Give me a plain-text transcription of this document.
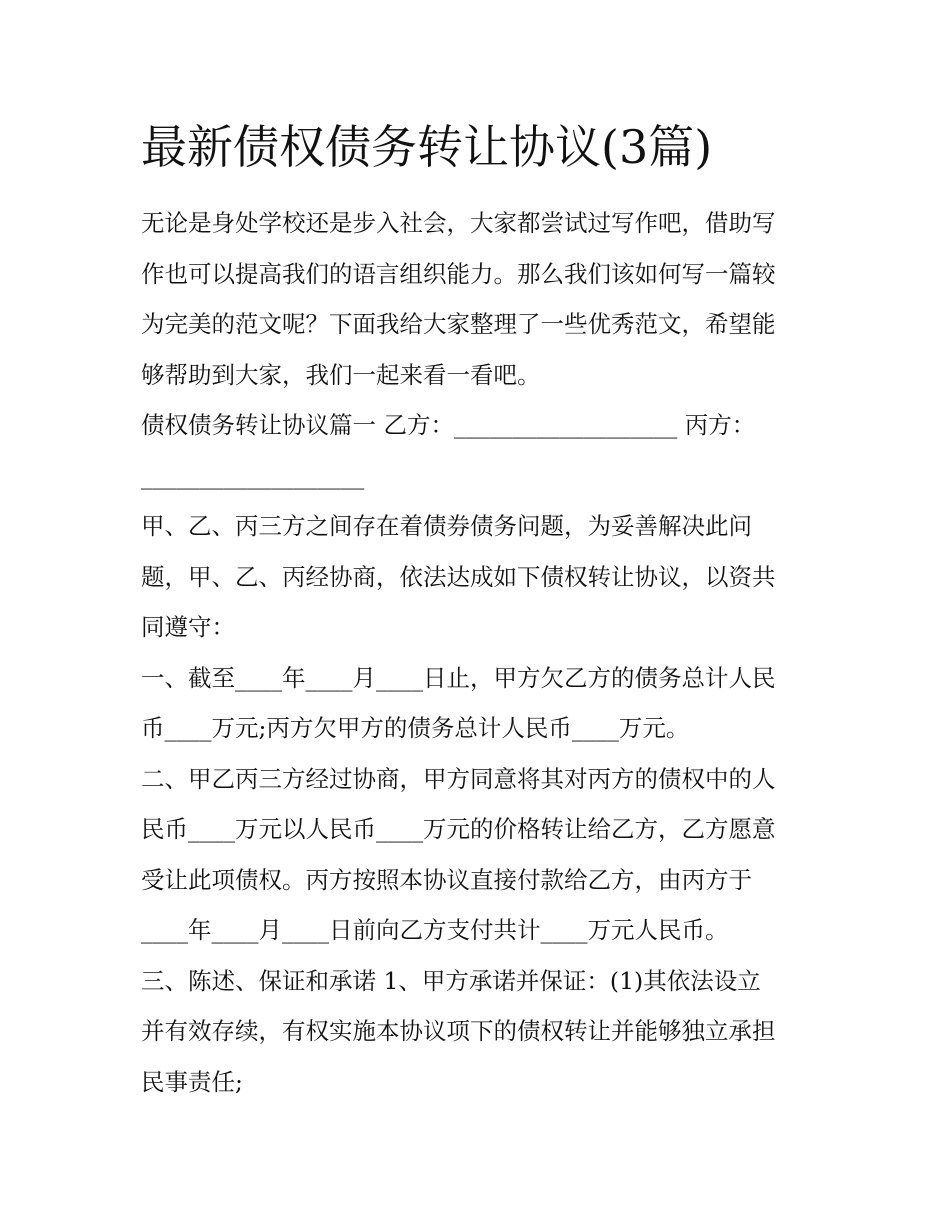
最新债权债务转让协议(3篇)

无论是身处学校还是步入社会，大家都尝试过写作吧，借助写

作也可以提高我们的语言组织能力。那么我们该如何写一篇较

为完美的范文呢？下面我给大家整理了一些优秀范文，希望能

够帮助到大家，我们一起来看一看吧。

债权债务转让协议篇一 乙方：___________________ 丙方：

___________________

甲、乙、丙三方之间存在着债券债务问题，为妥善解决此问

题，甲、乙、丙经协商，依法达成如下债权转让协议，以资共

同遵守：

一、截至____年____月____日止，甲方欠乙方的债务总计人民

币____万元;丙方欠甲方的债务总计人民币____万元。

二、甲乙丙三方经过协商，甲方同意将其对丙方的债权中的人

民币____万元以人民币____万元的价格转让给乙方，乙方愿意

受让此项债权。丙方按照本协议直接付款给乙方，由丙方于

____年____月____日前向乙方支付共计____万元人民币。

三、陈述、保证和承诺 1、甲方承诺并保证：(1)其依法设立

并有效存续，有权实施本协议项下的债权转让并能够独立承担

民事责任;
